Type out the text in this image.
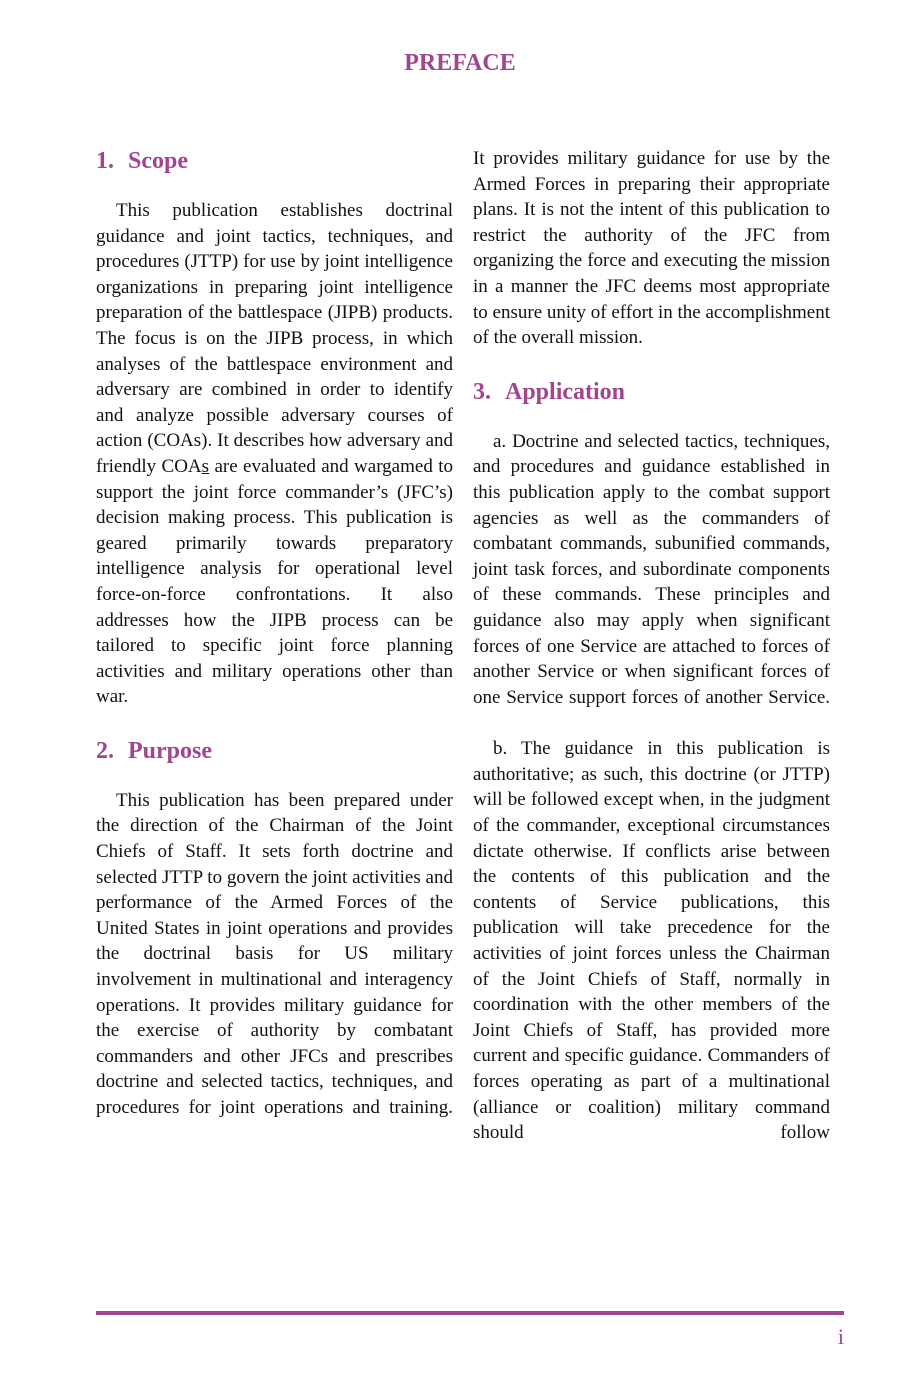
PREFACE
1. Scope

This publication establishes doctrinal guidance and joint tactics, techniques, and procedures (JTTP) for use by joint intelligence organizations in preparing joint intelligence preparation of the battlespace (JIPB) products. The focus is on the JIPB process, in which analyses of the battlespace environment and adversary are combined in order to identify and analyze possible adversary courses of action (COAs). It describes how adversary and friendly COAs are evaluated and wargamed to support the joint force commander’s (JFC’s) decision making process. This publication is geared primarily towards preparatory intelligence analysis for operational level force-on-force confrontations. It also addresses how the JIPB process can be tailored to specific joint force planning activities and military operations other than war.

2. Purpose

This publication has been prepared under the direction of the Chairman of the Joint Chiefs of Staff. It sets forth doctrine and selected JTTP to govern the joint activities and performance of the Armed Forces of the United States in joint operations and provides the doctrinal basis for US military involvement in multinational and interagency operations. It provides military guidance for the exercise of authority by combatant commanders and other JFCs and prescribes doctrine and selected tactics, techniques, and procedures for joint operations and training.

It provides military guidance for use by the Armed Forces in preparing their appropriate plans. It is not the intent of this publication to restrict the authority of the JFC from organizing the force and executing the mission in a manner the JFC deems most appropriate to ensure unity of effort in the accomplishment of the overall mission.

3. Application

a. Doctrine and selected tactics, techniques, and procedures and guidance established in this publication apply to the combat support agencies as well as the commanders of combatant commands, subunified commands, joint task forces, and subordinate components of these commands. These principles and guidance also may apply when significant forces of one Service are attached to forces of another Service or when significant forces of one Service support forces of another Service.

b. The guidance in this publication is authoritative; as such, this doctrine (or JTTP) will be followed except when, in the judgment of the commander, exceptional circumstances dictate otherwise. If conflicts arise between the contents of this publication and the contents of Service publications, this publication will take precedence for the activities of joint forces unless the Chairman of the Joint Chiefs of Staff, normally in coordination with the other members of the Joint Chiefs of Staff, has provided more current and specific guidance. Commanders of forces operating as part of a multinational (alliance or coalition) military command should follow

i
